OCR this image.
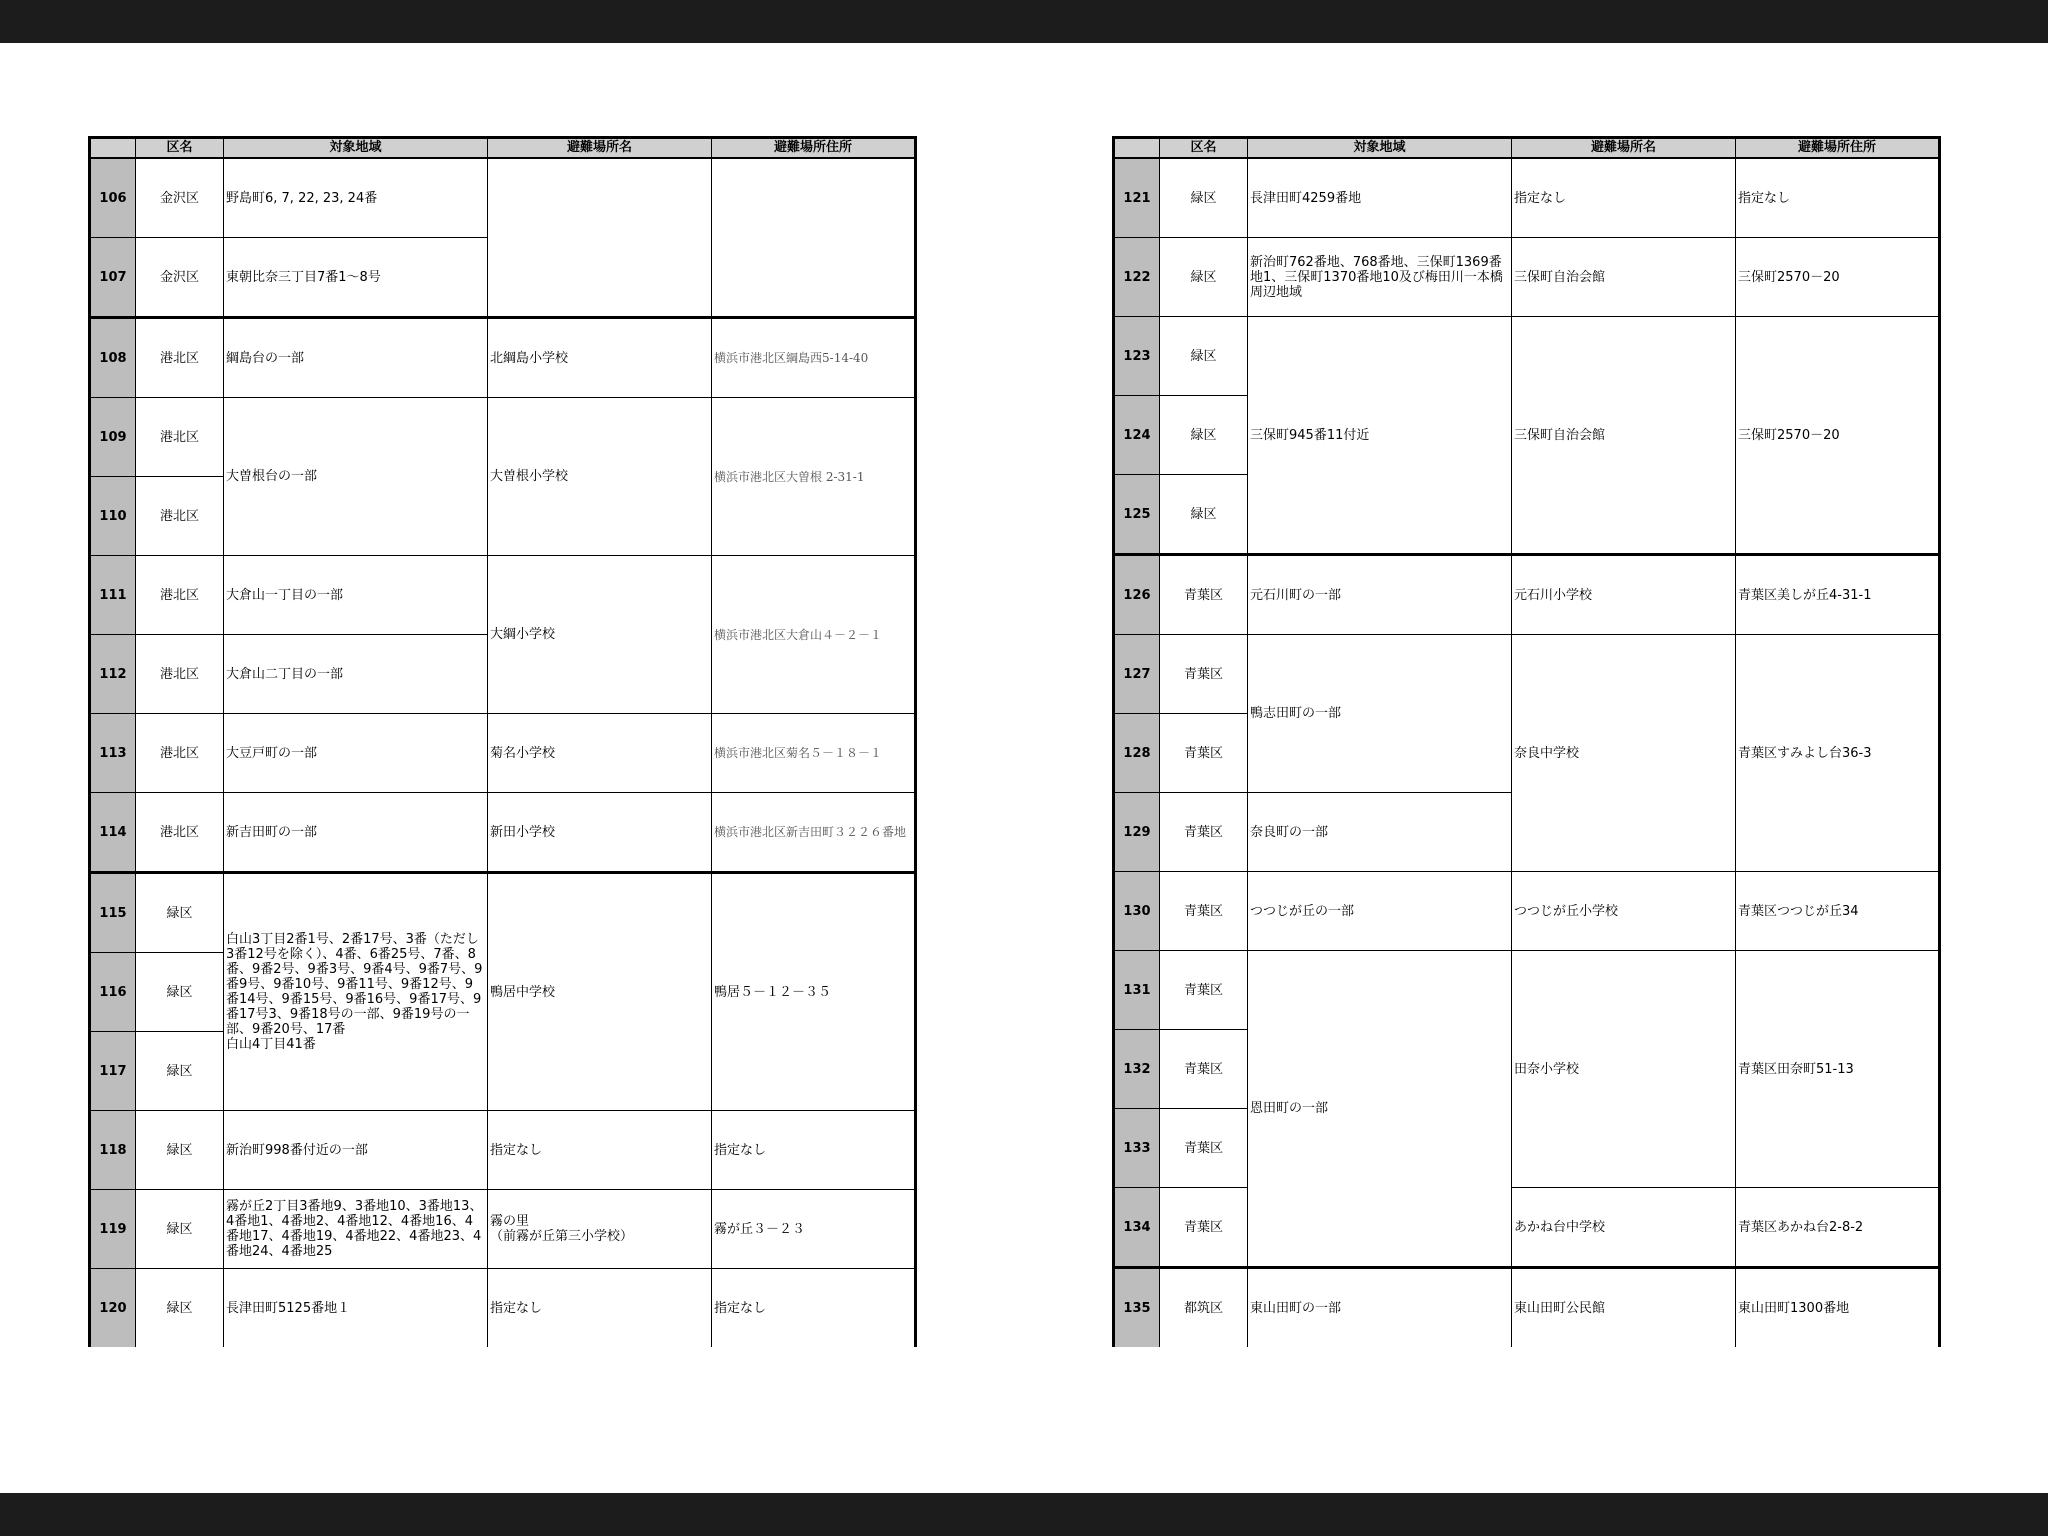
	区名	対象地域	避難場所名	避難場所住所
106	金沢区	野島町6, 7, 22, 23, 24番		
107	金沢区	東朝比奈三丁目7番1～8号		
108	港北区	綱島台の一部	北綱島小学校	横浜市港北区綱島西5-14-40
109	港北区	大曽根台の一部	大曽根小学校	横浜市港北区大曽根 2-31-1
110	港北区			
111	港北区	大倉山一丁目の一部	大綱小学校	横浜市港北区大倉山４－２－１
112	港北区	大倉山二丁目の一部		
113	港北区	大豆戸町の一部	菊名小学校	横浜市港北区菊名５－１８－１
114	港北区	新吉田町の一部	新田小学校	横浜市港北区新吉田町３２２６番地
115	緑区	白山3丁目2番1号、2番17号、3番（ただし3番12号を除く）、4番、6番25号、7番、8番、9番2号、9番3号、9番4号、9番7号、9番9号、9番10号、9番11号、9番12号、9番14号、9番15号、9番16号、9番17号、9番17号3、9番18号の一部、9番19号の一部、9番20号、17番
白山4丁目41番	鴨居中学校	鴨居５－１２－３５
116	緑区			
117	緑区			
118	緑区	新治町998番付近の一部	指定なし	指定なし
119	緑区	霧が丘2丁目3番地9、3番地10、3番地13、4番地1、4番地2、4番地12、4番地16、4番地17、4番地19、4番地22、4番地23、4番地24、4番地25	霧の里
（前霧が丘第三小学校）	霧が丘３－２３
120	緑区	長津田町5125番地１	指定なし	指定なし
	区名	対象地域	避難場所名	避難場所住所
121	緑区	長津田町4259番地	指定なし	指定なし
122	緑区	新治町762番地、768番地、三保町1369番地1、三保町1370番地10及び梅田川一本橋周辺地域	三保町自治会館	三保町2570－20
123	緑区	三保町945番11付近	三保町自治会館	三保町2570－20
124	緑区			
125	緑区			
126	青葉区	元石川町の一部	元石川小学校	青葉区美しが丘4-31-1
127	青葉区	鴨志田町の一部	奈良中学校	青葉区すみよし台36-3
128	青葉区			
129	青葉区	奈良町の一部		
130	青葉区	つつじが丘の一部	つつじが丘小学校	青葉区つつじが丘34
131	青葉区	恩田町の一部	田奈小学校	青葉区田奈町51-13
132	青葉区			
133	青葉区			
134	青葉区		あかね台中学校	青葉区あかね台2-8-2
135	都筑区	東山田町の一部	東山田町公民館	東山田町1300番地
